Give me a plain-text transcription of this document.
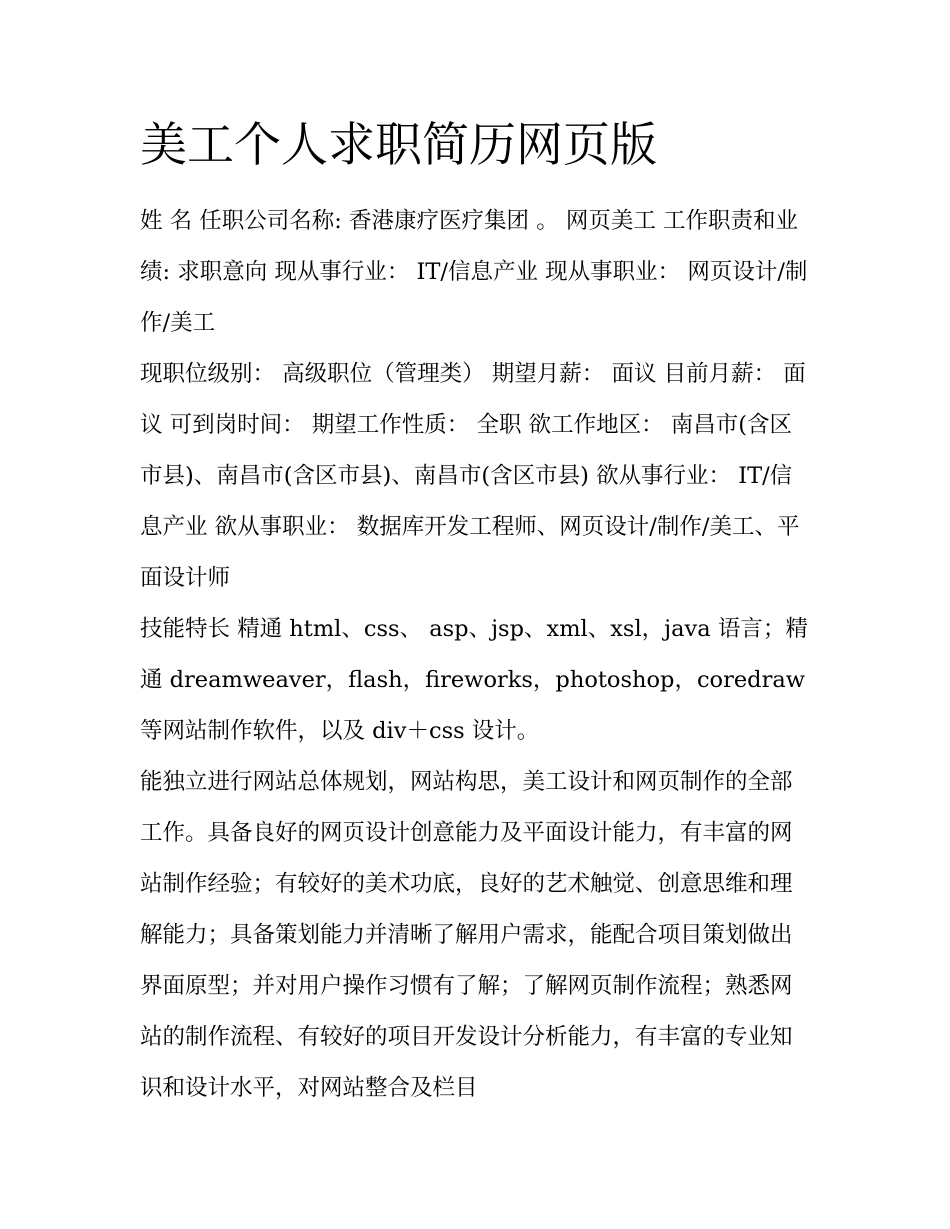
美工个人求职简历网页版

姓 名 任职公司名称: 香港康疗医疗集团 。 网页美工 工作职责和业绩: 求职意向 现从事行业： IT/信息产业 现从事职业： 网页设计/制作/美工

现职位级别： 高级职位（管理类） 期望月薪： 面议 目前月薪： 面议 可到岗时间： 期望工作性质： 全职 欲工作地区： 南昌市(含区市县)、南昌市(含区市县)、南昌市(含区市县) 欲从事行业： IT/信息产业 欲从事职业： 数据库开发工程师、网页设计/制作/美工、平面设计师

技能特长 精通 html、css、 asp、jsp、xml、xsl，java 语言；精通 dreamweaver，flash，fireworks，photoshop，coredraw 等网站制作软件，以及 div＋css 设计。

能独立进行网站总体规划，网站构思，美工设计和网页制作的全部工作。具备良好的网页设计创意能力及平面设计能力，有丰富的网站制作经验；有较好的美术功底，良好的艺术触觉、创意思维和理解能力；具备策划能力并清晰了解用户需求，能配合项目策划做出界面原型；并对用户操作习惯有了解；了解网页制作流程；熟悉网站的制作流程、有较好的项目开发设计分析能力，有丰富的专业知识和设计水平，对网站整合及栏目
